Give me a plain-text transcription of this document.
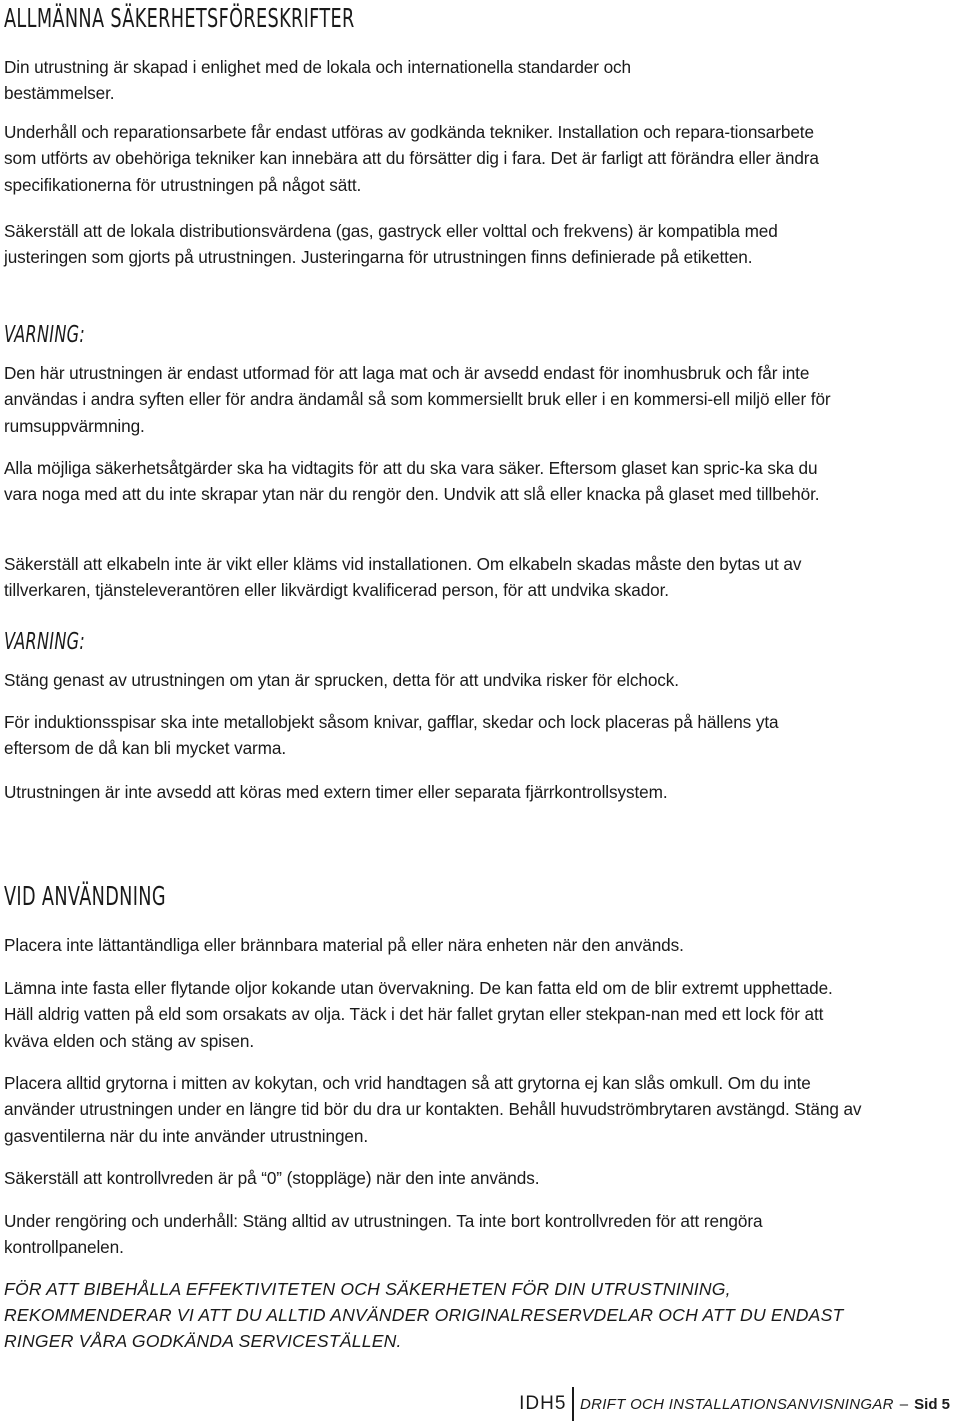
ALLMÄNNA SÄKERHETSFÖRESKRIFTER

Din utrustning är skapad i enlighet med de lokala och internationella standarder och bestämmelser.

Underhåll och reparationsarbete får endast utföras av godkända tekniker. Installation och repara-tionsarbete som utförts av obehöriga tekniker kan innebära att du försätter dig i fara. Det är farligt att förändra eller ändra specifikationerna för utrustningen på något sätt.

Säkerställ att de lokala distributionsvärdena (gas, gastryck eller volttal och frekvens) är kompatibla med justeringen som gjorts på utrustningen. Justeringarna för utrustningen finns definierade på etiketten.

VARNING:

Den här utrustningen är endast utformad för att laga mat och är avsedd endast för inomhusbruk och får inte användas i andra syften eller för andra ändamål så som kommersiellt bruk eller i en kommersi-ell miljö eller för rumsuppvärmning.

Alla möjliga säkerhetsåtgärder ska ha vidtagits för att du ska vara säker. Eftersom glaset kan spric-ka ska du vara noga med att du inte skrapar ytan när du rengör den. Undvik att slå eller knacka på glaset med tillbehör.

Säkerställ att elkabeln inte är vikt eller kläms vid installationen. Om elkabeln skadas måste den bytas ut av tillverkaren, tjänsteleverantören eller likvärdigt kvalificerad person, för att undvika skador.

VARNING:

Stäng genast av utrustningen om ytan är sprucken, detta för att undvika risker för elchock.

För induktionsspisar ska inte metallobjekt såsom knivar, gafflar, skedar och lock placeras på hällens yta eftersom de då kan bli mycket varma.

Utrustningen är inte avsedd att köras med extern timer eller separata fjärrkontrollsystem.

VID ANVÄNDNING

Placera inte lättantändliga eller brännbara material på eller nära enheten när den används.

Lämna inte fasta eller flytande oljor kokande utan övervakning. De kan fatta eld om de blir extremt upphettade. Häll aldrig vatten på eld som orsakats av olja. Täck i det här fallet grytan eller stekpan-nan med ett lock för att kväva elden och stäng av spisen.

Placera alltid grytorna i mitten av kokytan, och vrid handtagen så att grytorna ej kan slås omkull. Om du inte använder utrustningen under en längre tid bör du dra ur kontakten. Behåll huvudströmbrytaren avstängd. Stäng av gasventilerna när du inte använder utrustningen.

Säkerställ att kontrollvreden är på “0” (stoppläge) när den inte används.

Under rengöring och underhåll: Stäng alltid av utrustningen. Ta inte bort kontrollvreden för att rengöra kontrollpanelen.

FÖR ATT BIBEHÅLLA EFFEKTIVITETEN OCH SÄKERHETEN FÖR DIN UTRUSTNINING, REKOMMENDERAR VI ATT DU ALLTID ANVÄNDER ORIGINALRESERVDELAR OCH ATT DU ENDAST RINGER VÅRA GODKÄNDA SERVICESTÄLLEN.

IDH5 DRIFT OCH INSTALLATIONSANVISNINGAR – Sid 5
